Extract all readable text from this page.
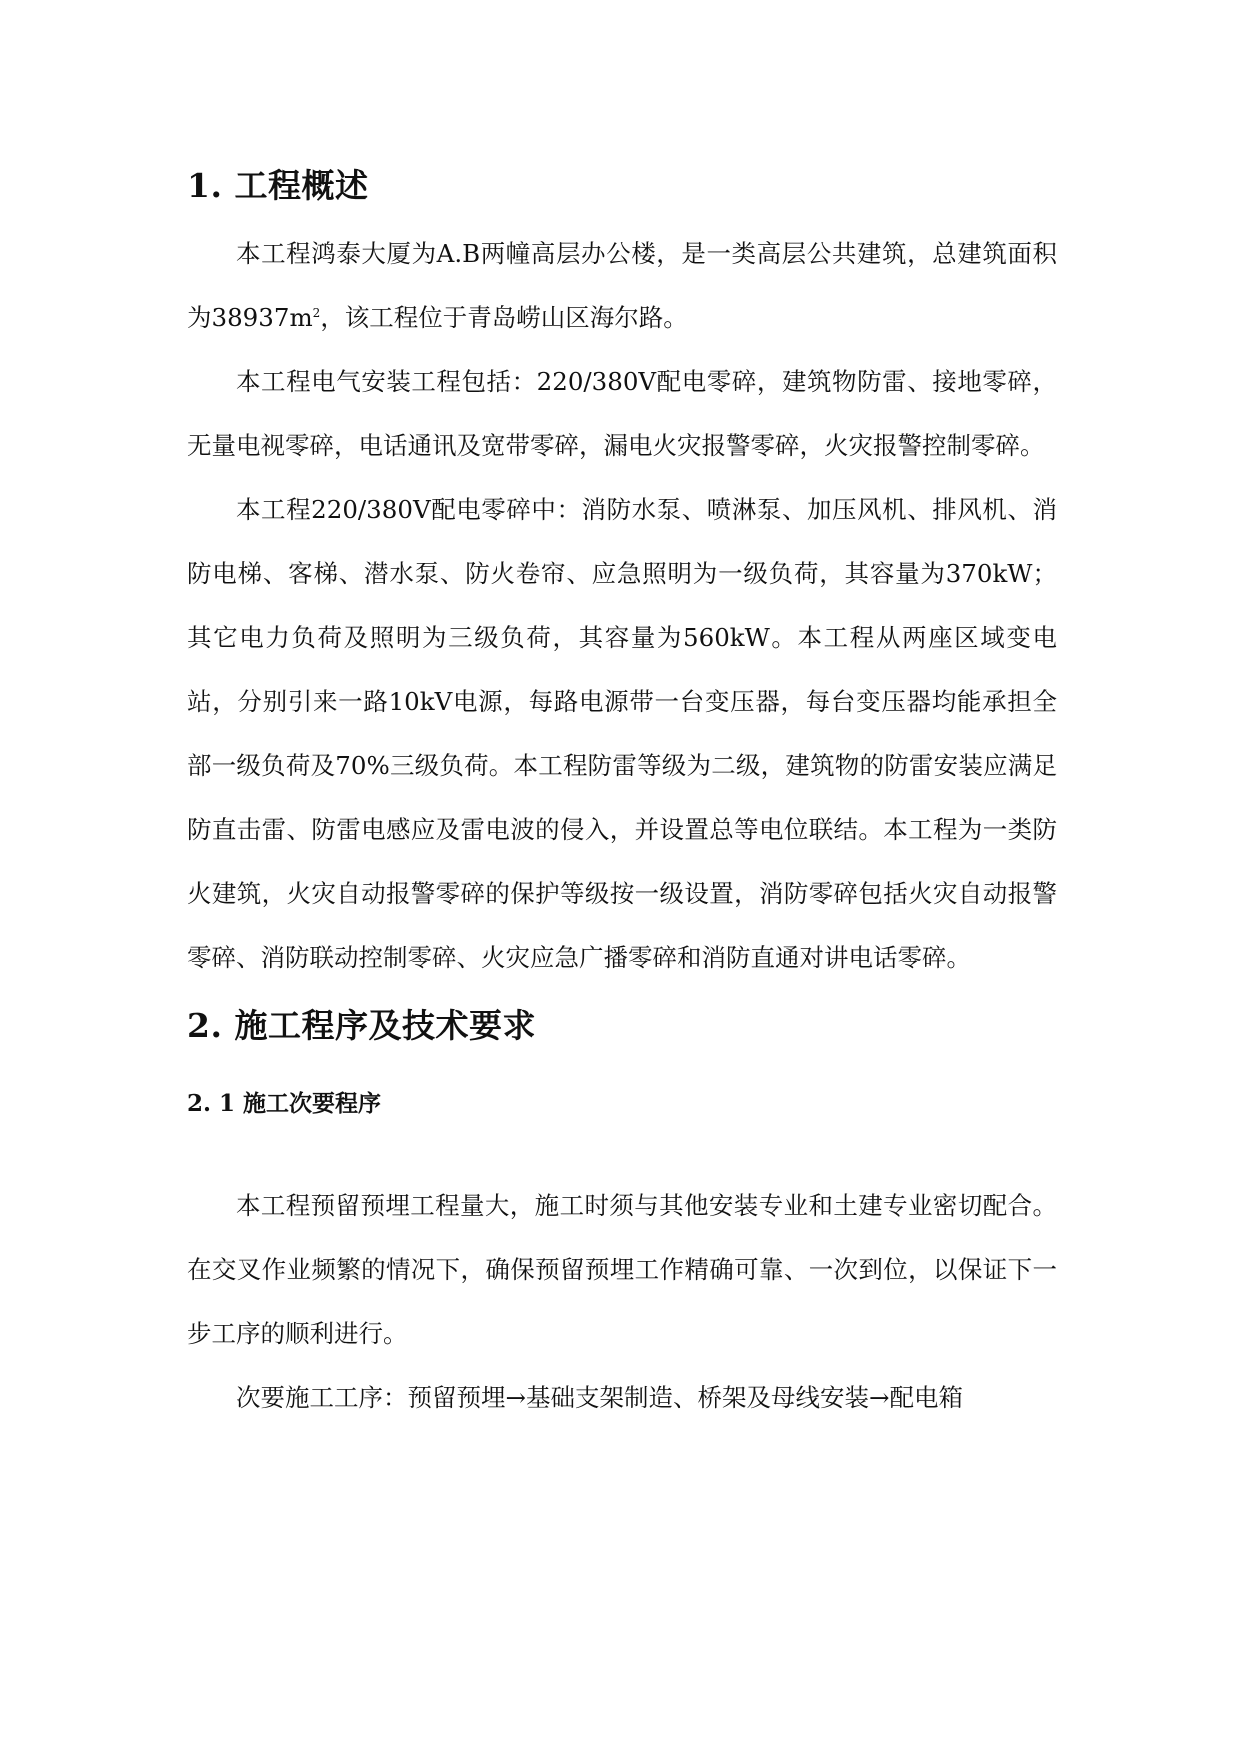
1. 工程概述

本工程鸿泰大厦为A.B两幢高层办公楼，是一类高层公共建筑，总建筑面积为$38937m^2$，该工程位于青岛崂山区海尔路。

本工程电气安装工程包括：220/380V配电零碎，建筑物防雷、接地零碎，无量电视零碎，电话通讯及宽带零碎，漏电火灾报警零碎，火灾报警控制零碎。

本工程220/380V配电零碎中：消防水泵、喷淋泵、加压风机、排风机、消防电梯、客梯、潜水泵、防火卷帘、应急照明为一级负荷，其容量为370kW；其它电力负荷及照明为三级负荷，其容量为560kW。本工程从两座区域变电站，分别引来一路10kV电源，每路电源带一台变压器，每台变压器均能承担全部一级负荷及70%三级负荷。本工程防雷等级为二级，建筑物的防雷安装应满足防直击雷、防雷电感应及雷电波的侵入，并设置总等电位联结。本工程为一类防火建筑，火灾自动报警零碎的保护等级按一级设置，消防零碎包括火灾自动报警零碎、消防联动控制零碎、火灾应急广播零碎和消防直通对讲电话零碎。

2. 施工程序及技术要求
2. 1 施工次要程序

本工程预留预埋工程量大，施工时须与其他安装专业和土建专业密切配合。在交叉作业频繁的情况下，确保预留预埋工作精确可靠、一次到位，以保证下一步工序的顺利进行。

次要施工工序：预留预埋→基础支架制造、桥架及母线安装→配电箱
